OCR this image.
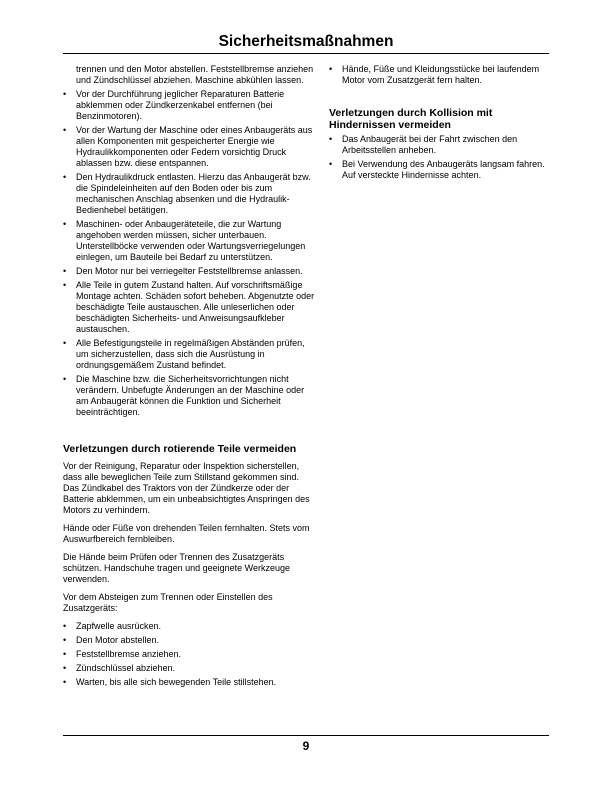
Sicherheitsmaßnahmen
trennen und den Motor abstellen. Feststellbremse anziehen und Zündschlüssel abziehen. Maschine abkühlen lassen.
• Vor der Durchführung jeglicher Reparaturen Batterie abklemmen oder Zündkerzenkabel entfernen (bei Benzinmotoren).
• Vor der Wartung der Maschine oder eines Anbaugeräts aus allen Komponenten mit gespeicherter Energie wie Hydraulikkomponenten oder Federn vorsichtig Druck ablassen bzw. diese entspannen.
• Den Hydraulikdruck entlasten. Hierzu das Anbaugerät bzw. die Spindeleinheiten auf den Boden oder bis zum mechanischen Anschlag absenken und die Hydraulik-Bedienhebel betätigen.
• Maschinen- oder Anbaugeräteteile, die zur Wartung angehoben werden müssen, sicher unterbauen. Unterstellböcke verwenden oder Wartungsverriegelungen einlegen, um Bauteile bei Bedarf zu unterstützen.
• Den Motor nur bei verriegelter Feststellbremse anlassen.
• Alle Teile in gutem Zustand halten. Auf vorschriftsmäßige Montage achten. Schäden sofort beheben. Abgenutzte oder beschädigte Teile austauschen. Alle unleserlichen oder beschädigten Sicherheits- und Anweisungsaufkleber austauschen.
• Alle Befestigungsteile in regelmäßigen Abständen prüfen, um sicherzustellen, dass sich die Ausrüstung in ordnungsgemäßem Zustand befindet.
• Die Maschine bzw. die Sicherheitsvorrichtungen nicht verändern. Unbefugte Änderungen an der Maschine oder am Anbaugerät können die Funktion und Sicherheit beeinträchtigen.
Verletzungen durch rotierende Teile vermeiden

Vor der Reinigung, Reparatur oder Inspektion sicherstellen, dass alle beweglichen Teile zum Stillstand gekommen sind. Das Zündkabel des Traktors von der Zündkerze oder der Batterie abklemmen, um ein unbeabsichtigtes Anspringen des Motors zu verhindern.

Hände oder Füße von drehenden Teilen fernhalten. Stets vom Auswurfbereich fernbleiben.

Die Hände beim Prüfen oder Trennen des Zusatzgeräts schützen. Handschuhe tragen und geeignete Werkzeuge verwenden.

Vor dem Absteigen zum Trennen oder Einstellen des Zusatzgeräts:

• Zapfwelle ausrücken.
• Den Motor abstellen.
• Feststellbremse anziehen.
• Zündschlüssel abziehen.
• Warten, bis alle sich bewegenden Teile stillstehen.
• Hände, Füße und Kleidungsstücke bei laufendem Motor vom Zusatzgerät fern halten.
Verletzungen durch Kollision mit Hindernissen vermeiden
• Das Anbaugerät bei der Fahrt zwischen den Arbeitsstellen anheben.
• Bei Verwendung des Anbaugeräts langsam fahren. Auf versteckte Hindernisse achten.
9
